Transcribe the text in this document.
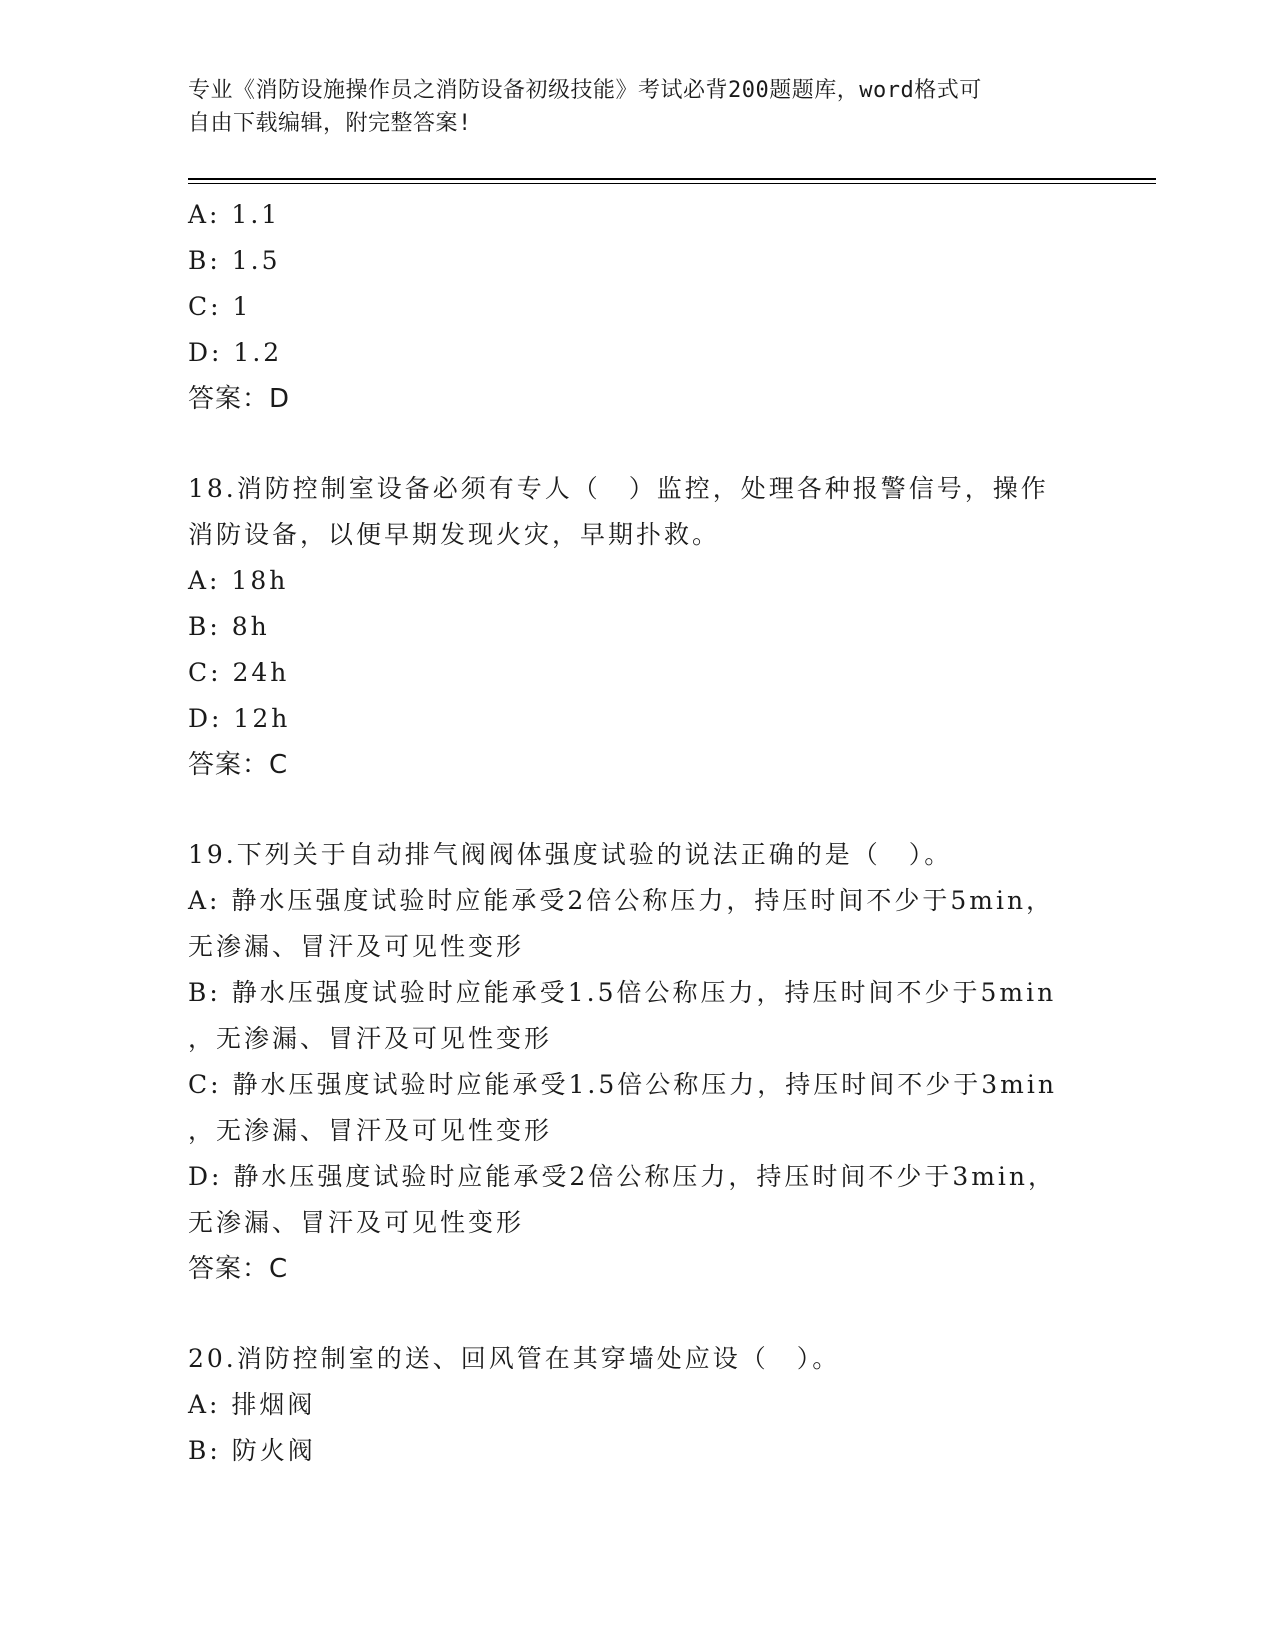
专业《消防设施操作员之消防设备初级技能》考试必背200题题库，word格式可
自由下载编辑，附完整答案!
A: 1.1
B: 1.5
C: 1
D: 1.2
答案：D
18.消防控制室设备必须有专人（　）监控，处理各种报警信号，操作
消防设备，以便早期发现火灾，早期扑救。
A: 18h
B: 8h
C: 24h
D: 12h
答案：C
19.下列关于自动排气阀阀体强度试验的说法正确的是（　）。
A: 静水压强度试验时应能承受2倍公称压力，持压时间不少于5min，
无渗漏、冒汗及可见性变形
B: 静水压强度试验时应能承受1.5倍公称压力，持压时间不少于5min
，无渗漏、冒汗及可见性变形
C: 静水压强度试验时应能承受1.5倍公称压力，持压时间不少于3min
，无渗漏、冒汗及可见性变形
D: 静水压强度试验时应能承受2倍公称压力，持压时间不少于3min，
无渗漏、冒汗及可见性变形
答案：C
20.消防控制室的送、回风管在其穿墙处应设（　）。
A: 排烟阀
B: 防火阀
